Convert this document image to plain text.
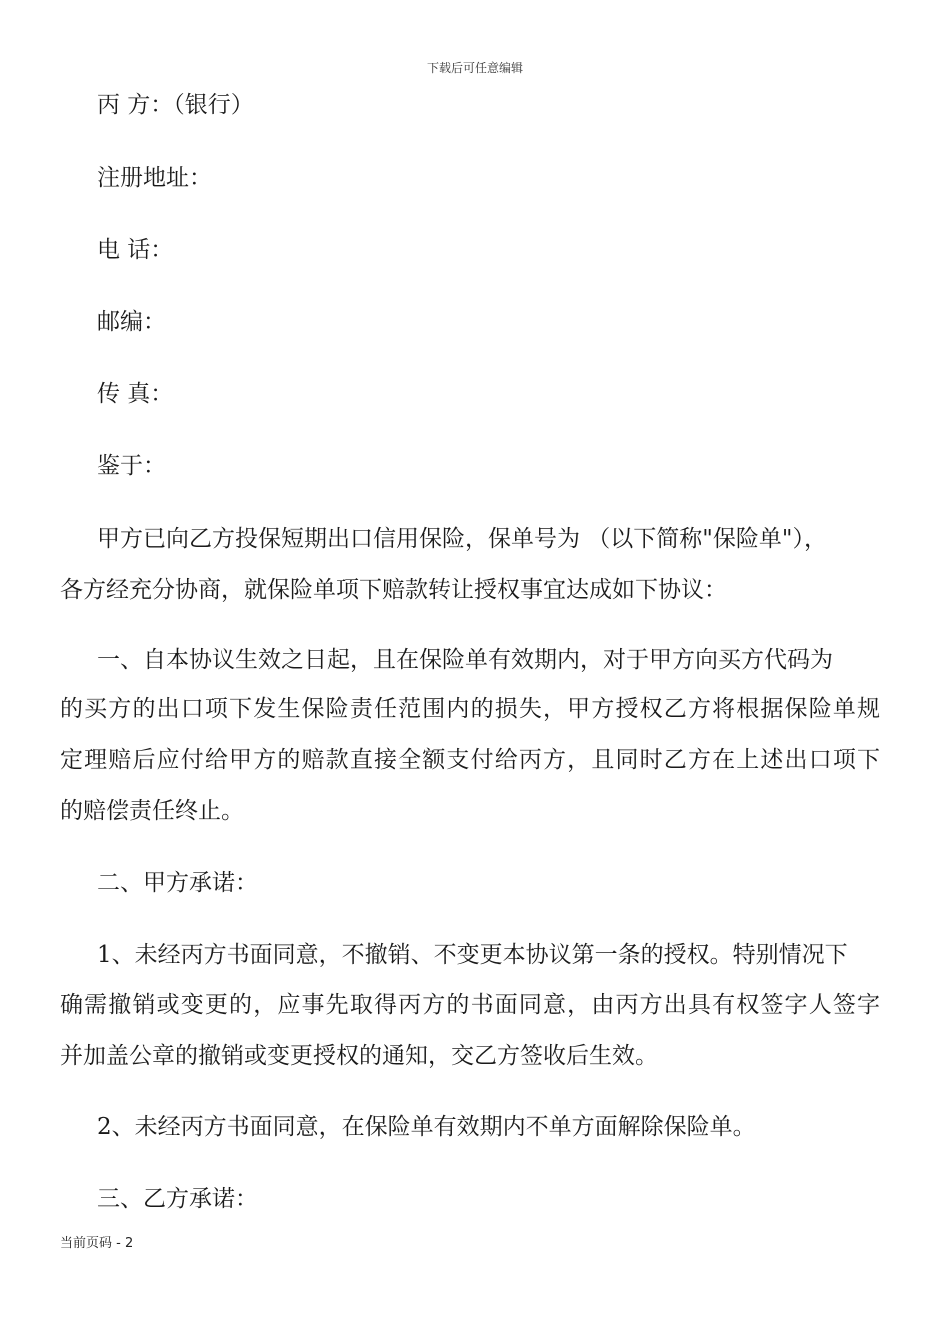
下载后可任意编辑
丙 方：（银行）
注册地址：
电 话：
邮编：
传 真：
鉴于：
甲方已向乙方投保短期出口信用保险，保单号为 （以下简称"保险单"），
各方经充分协商，就保险单项下赔款转让授权事宜达成如下协议：
一、自本协议生效之日起，且在保险单有效期内，对于甲方向买方代码为
的买方的出口项下发生保险责任范围内的损失，甲方授权乙方将根据保险单规
定理赔后应付给甲方的赔款直接全额支付给丙方，且同时乙方在上述出口项下
的赔偿责任终止。
二、甲方承诺：
1、未经丙方书面同意，不撤销、不变更本协议第一条的授权。特别情况下
确需撤销或变更的，应事先取得丙方的书面同意，由丙方出具有权签字人签字
并加盖公章的撤销或变更授权的通知，交乙方签收后生效。
2、未经丙方书面同意，在保险单有效期内不单方面解除保险单。
三、乙方承诺：
当前页码 - 2
